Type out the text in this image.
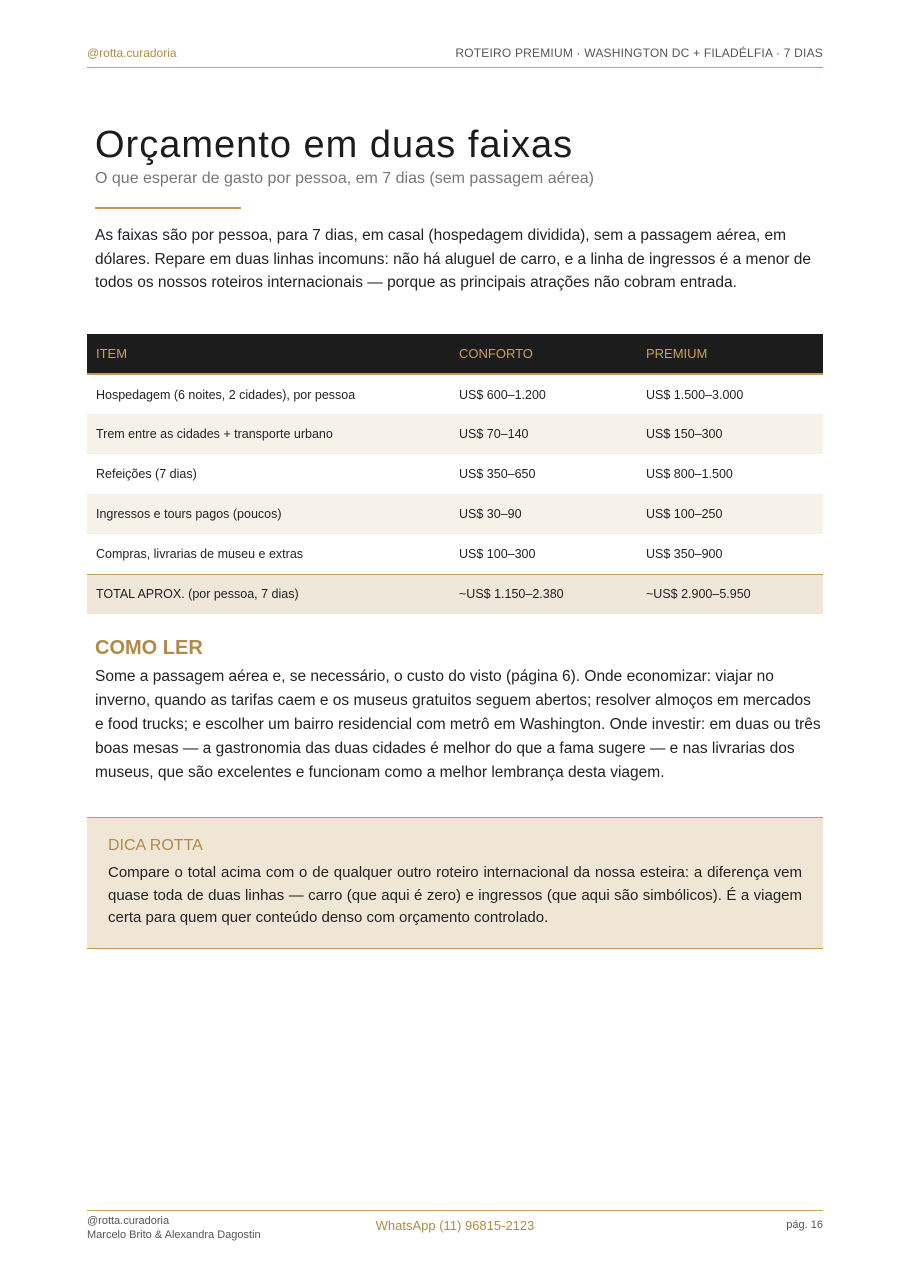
@rotta.curadoria	ROTEIRO PREMIUM · WASHINGTON DC + FILADÉLFIA · 7 DIAS
Orçamento em duas faixas
O que esperar de gasto por pessoa, em 7 dias (sem passagem aérea)

As faixas são por pessoa, para 7 dias, em casal (hospedagem dividida), sem a passagem aérea, em dólares. Repare em duas linhas incomuns: não há aluguel de carro, e a linha de ingressos é a menor de todos os nossos roteiros internacionais — porque as principais atrações não cobram entrada.

ITEM	CONFORTO	PREMIUM
Hospedagem (6 noites, 2 cidades), por pessoa	US$ 600–1.200	US$ 1.500–3.000
Trem entre as cidades + transporte urbano	US$ 70–140	US$ 150–300
Refeições (7 dias)	US$ 350–650	US$ 800–1.500
Ingressos e tours pagos (poucos)	US$ 30–90	US$ 100–250
Compras, livrarias de museu e extras	US$ 100–300	US$ 350–900
TOTAL APROX. (por pessoa, 7 dias)	~US$ 1.150–2.380	~US$ 2.900–5.950
COMO LER

Some a passagem aérea e, se necessário, o custo do visto (página 6). Onde economizar: viajar no inverno, quando as tarifas caem e os museus gratuitos seguem abertos; resolver almoços em mercados e food trucks; e escolher um bairro residencial com metrô em Washington. Onde investir: em duas ou três boas mesas — a gastronomia das duas cidades é melhor do que a fama sugere — e nas livrarias dos museus, que são excelentes e funcionam como a melhor lembrança desta viagem.

DICA ROTTA

Compare o total acima com o de qualquer outro roteiro internacional da nossa esteira: a diferença vem quase toda de duas linhas — carro (que aqui é zero) e ingressos (que aqui são simbólicos). É a viagem certa para quem quer conteúdo denso com orçamento controlado.

@rotta.curadoria
Marcelo Brito & Alexandra Dagostin
WhatsApp (11) 96815-2123	pág. 16
